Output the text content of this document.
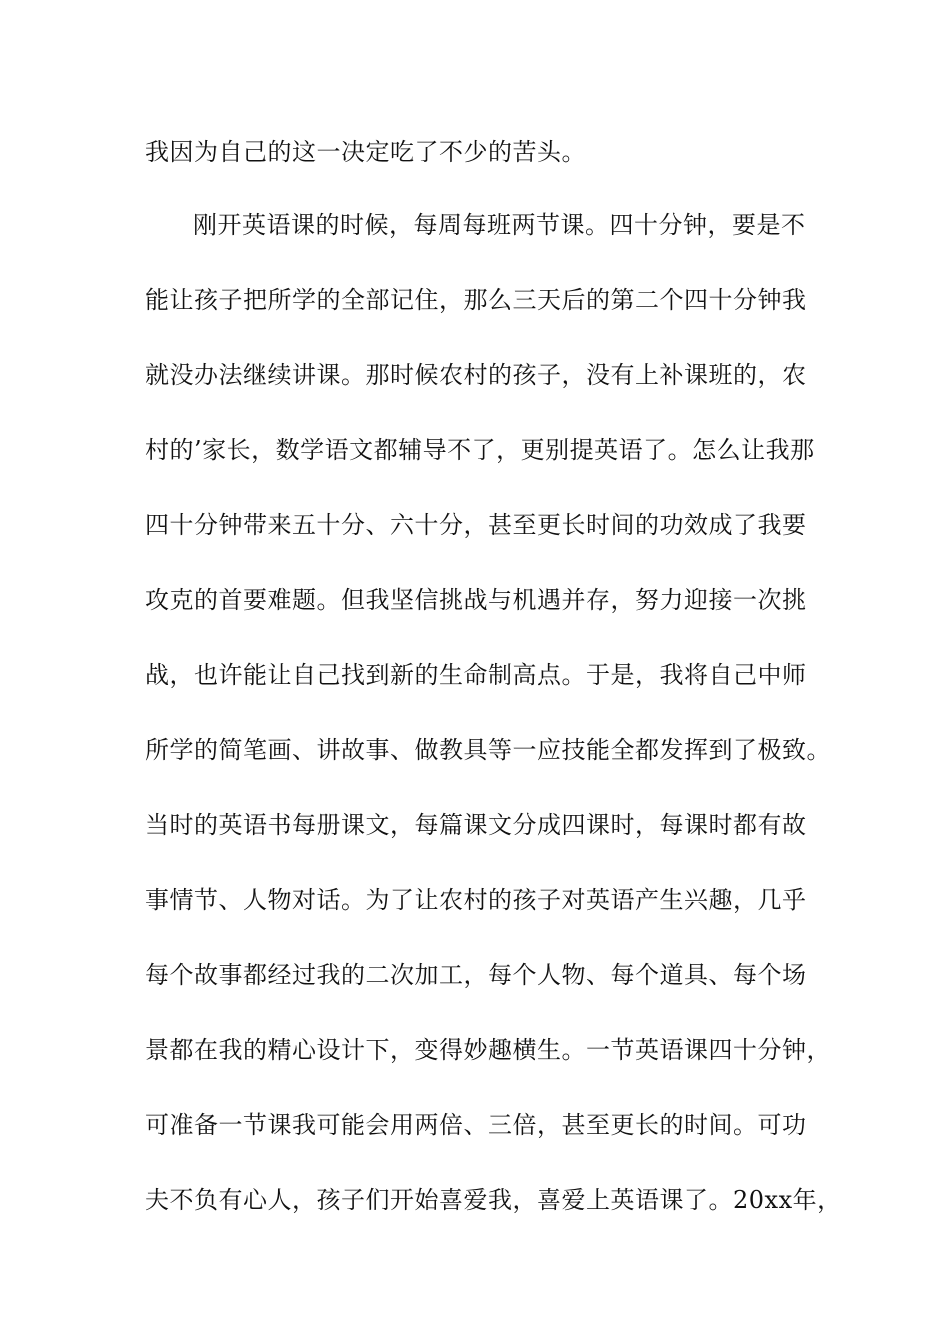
我因为自己的这一决定吃了不少的苦头。
刚开英语课的时候，每周每班两节课。四十分钟，要是不
能让孩子把所学的全部记住，那么三天后的第二个四十分钟我
就没办法继续讲课。那时候农村的孩子，没有上补课班的，农
村的’家长，数学语文都辅导不了，更别提英语了。怎么让我那
四十分钟带来五十分、六十分，甚至更长时间的功效成了我要
攻克的首要难题。但我坚信挑战与机遇并存，努力迎接一次挑
战，也许能让自己找到新的生命制高点。于是，我将自己中师
所学的简笔画、讲故事、做教具等一应技能全都发挥到了极致。
当时的英语书每册课文，每篇课文分成四课时，每课时都有故
事情节、人物对话。为了让农村的孩子对英语产生兴趣，几乎
每个故事都经过我的二次加工，每个人物、每个道具、每个场
景都在我的精心设计下，变得妙趣横生。一节英语课四十分钟，
可准备一节课我可能会用两倍、三倍，甚至更长的时间。可功
夫不负有心人，孩子们开始喜爱我，喜爱上英语课了。20xx年，
